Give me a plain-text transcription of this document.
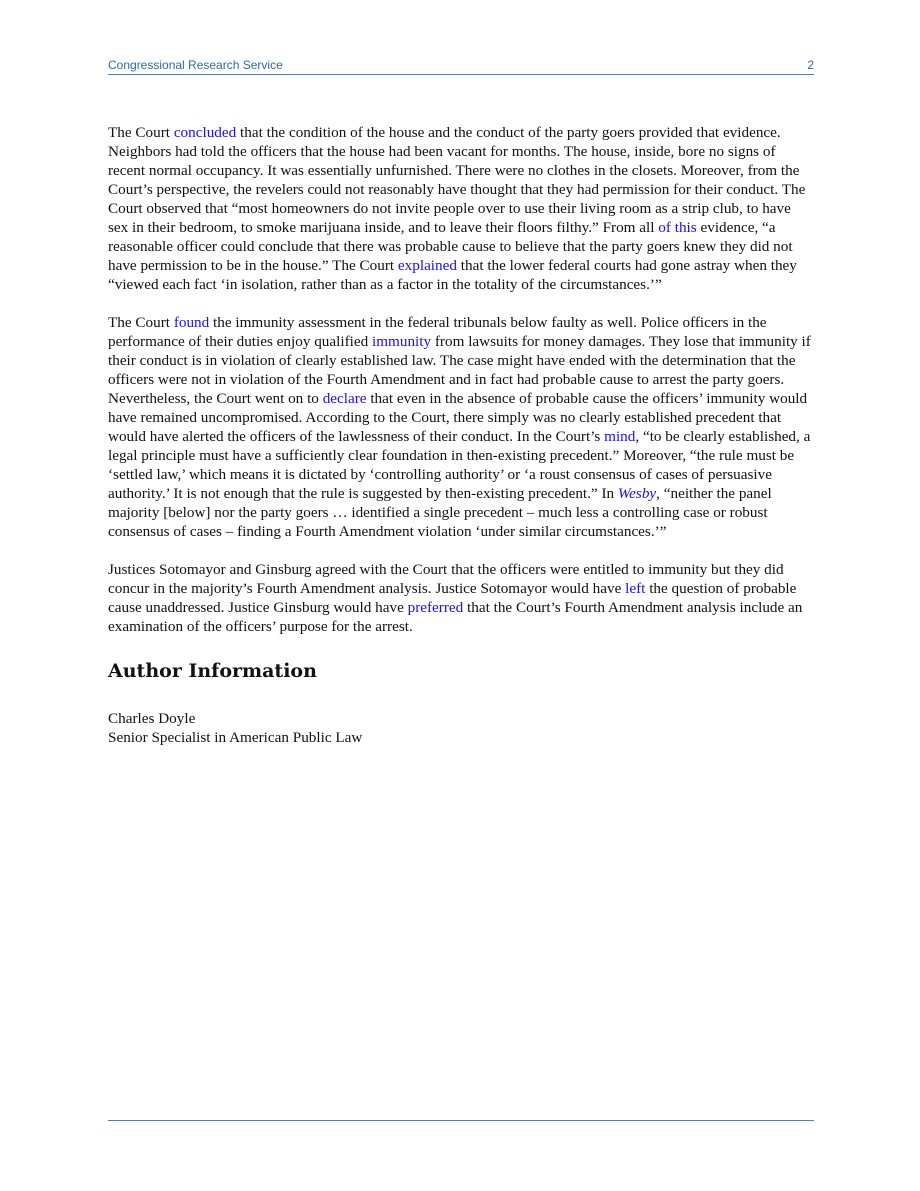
Congressional Research Service	2

The Court concluded that the condition of the house and the conduct of the party goers provided that evidence. Neighbors had told the officers that the house had been vacant for months. The house, inside, bore no signs of recent normal occupancy. It was essentially unfurnished. There were no clothes in the closets. Moreover, from the Court’s perspective, the revelers could not reasonably have thought that they had permission for their conduct. The Court observed that “most homeowners do not invite people over to use their living room as a strip club, to have sex in their bedroom, to smoke marijuana inside, and to leave their floors filthy.” From all of this evidence, “a reasonable officer could conclude that there was probable cause to believe that the party goers knew they did not have permission to be in the house.” The Court explained that the lower federal courts had gone astray when they “viewed each fact ‘in isolation, rather than as a factor in the totality of the circumstances.’”

The Court found the immunity assessment in the federal tribunals below faulty as well. Police officers in the performance of their duties enjoy qualified immunity from lawsuits for money damages. They lose that immunity if their conduct is in violation of clearly established law. The case might have ended with the determination that the officers were not in violation of the Fourth Amendment and in fact had probable cause to arrest the party goers. Nevertheless, the Court went on to declare that even in the absence of probable cause the officers’ immunity would have remained uncompromised. According to the Court, there simply was no clearly established precedent that would have alerted the officers of the lawlessness of their conduct. In the Court’s mind, “to be clearly established, a legal principle must have a sufficiently clear foundation in then-existing precedent.” Moreover, “the rule must be ‘settled law,’ which means it is dictated by ‘controlling authority’ or ‘a roust consensus of cases of persuasive authority.’ It is not enough that the rule is suggested by then-existing precedent.” In Wesby, “neither the panel majority [below] nor the party goers … identified a single precedent – much less a controlling case or robust consensus of cases – finding a Fourth Amendment violation ‘under similar circumstances.’”

Justices Sotomayor and Ginsburg agreed with the Court that the officers were entitled to immunity but they did concur in the majority’s Fourth Amendment analysis. Justice Sotomayor would have left the question of probable cause unaddressed. Justice Ginsburg would have preferred that the Court’s Fourth Amendment analysis include an examination of the officers’ purpose for the arrest.

Author Information
Charles Doyle
Senior Specialist in American Public Law
